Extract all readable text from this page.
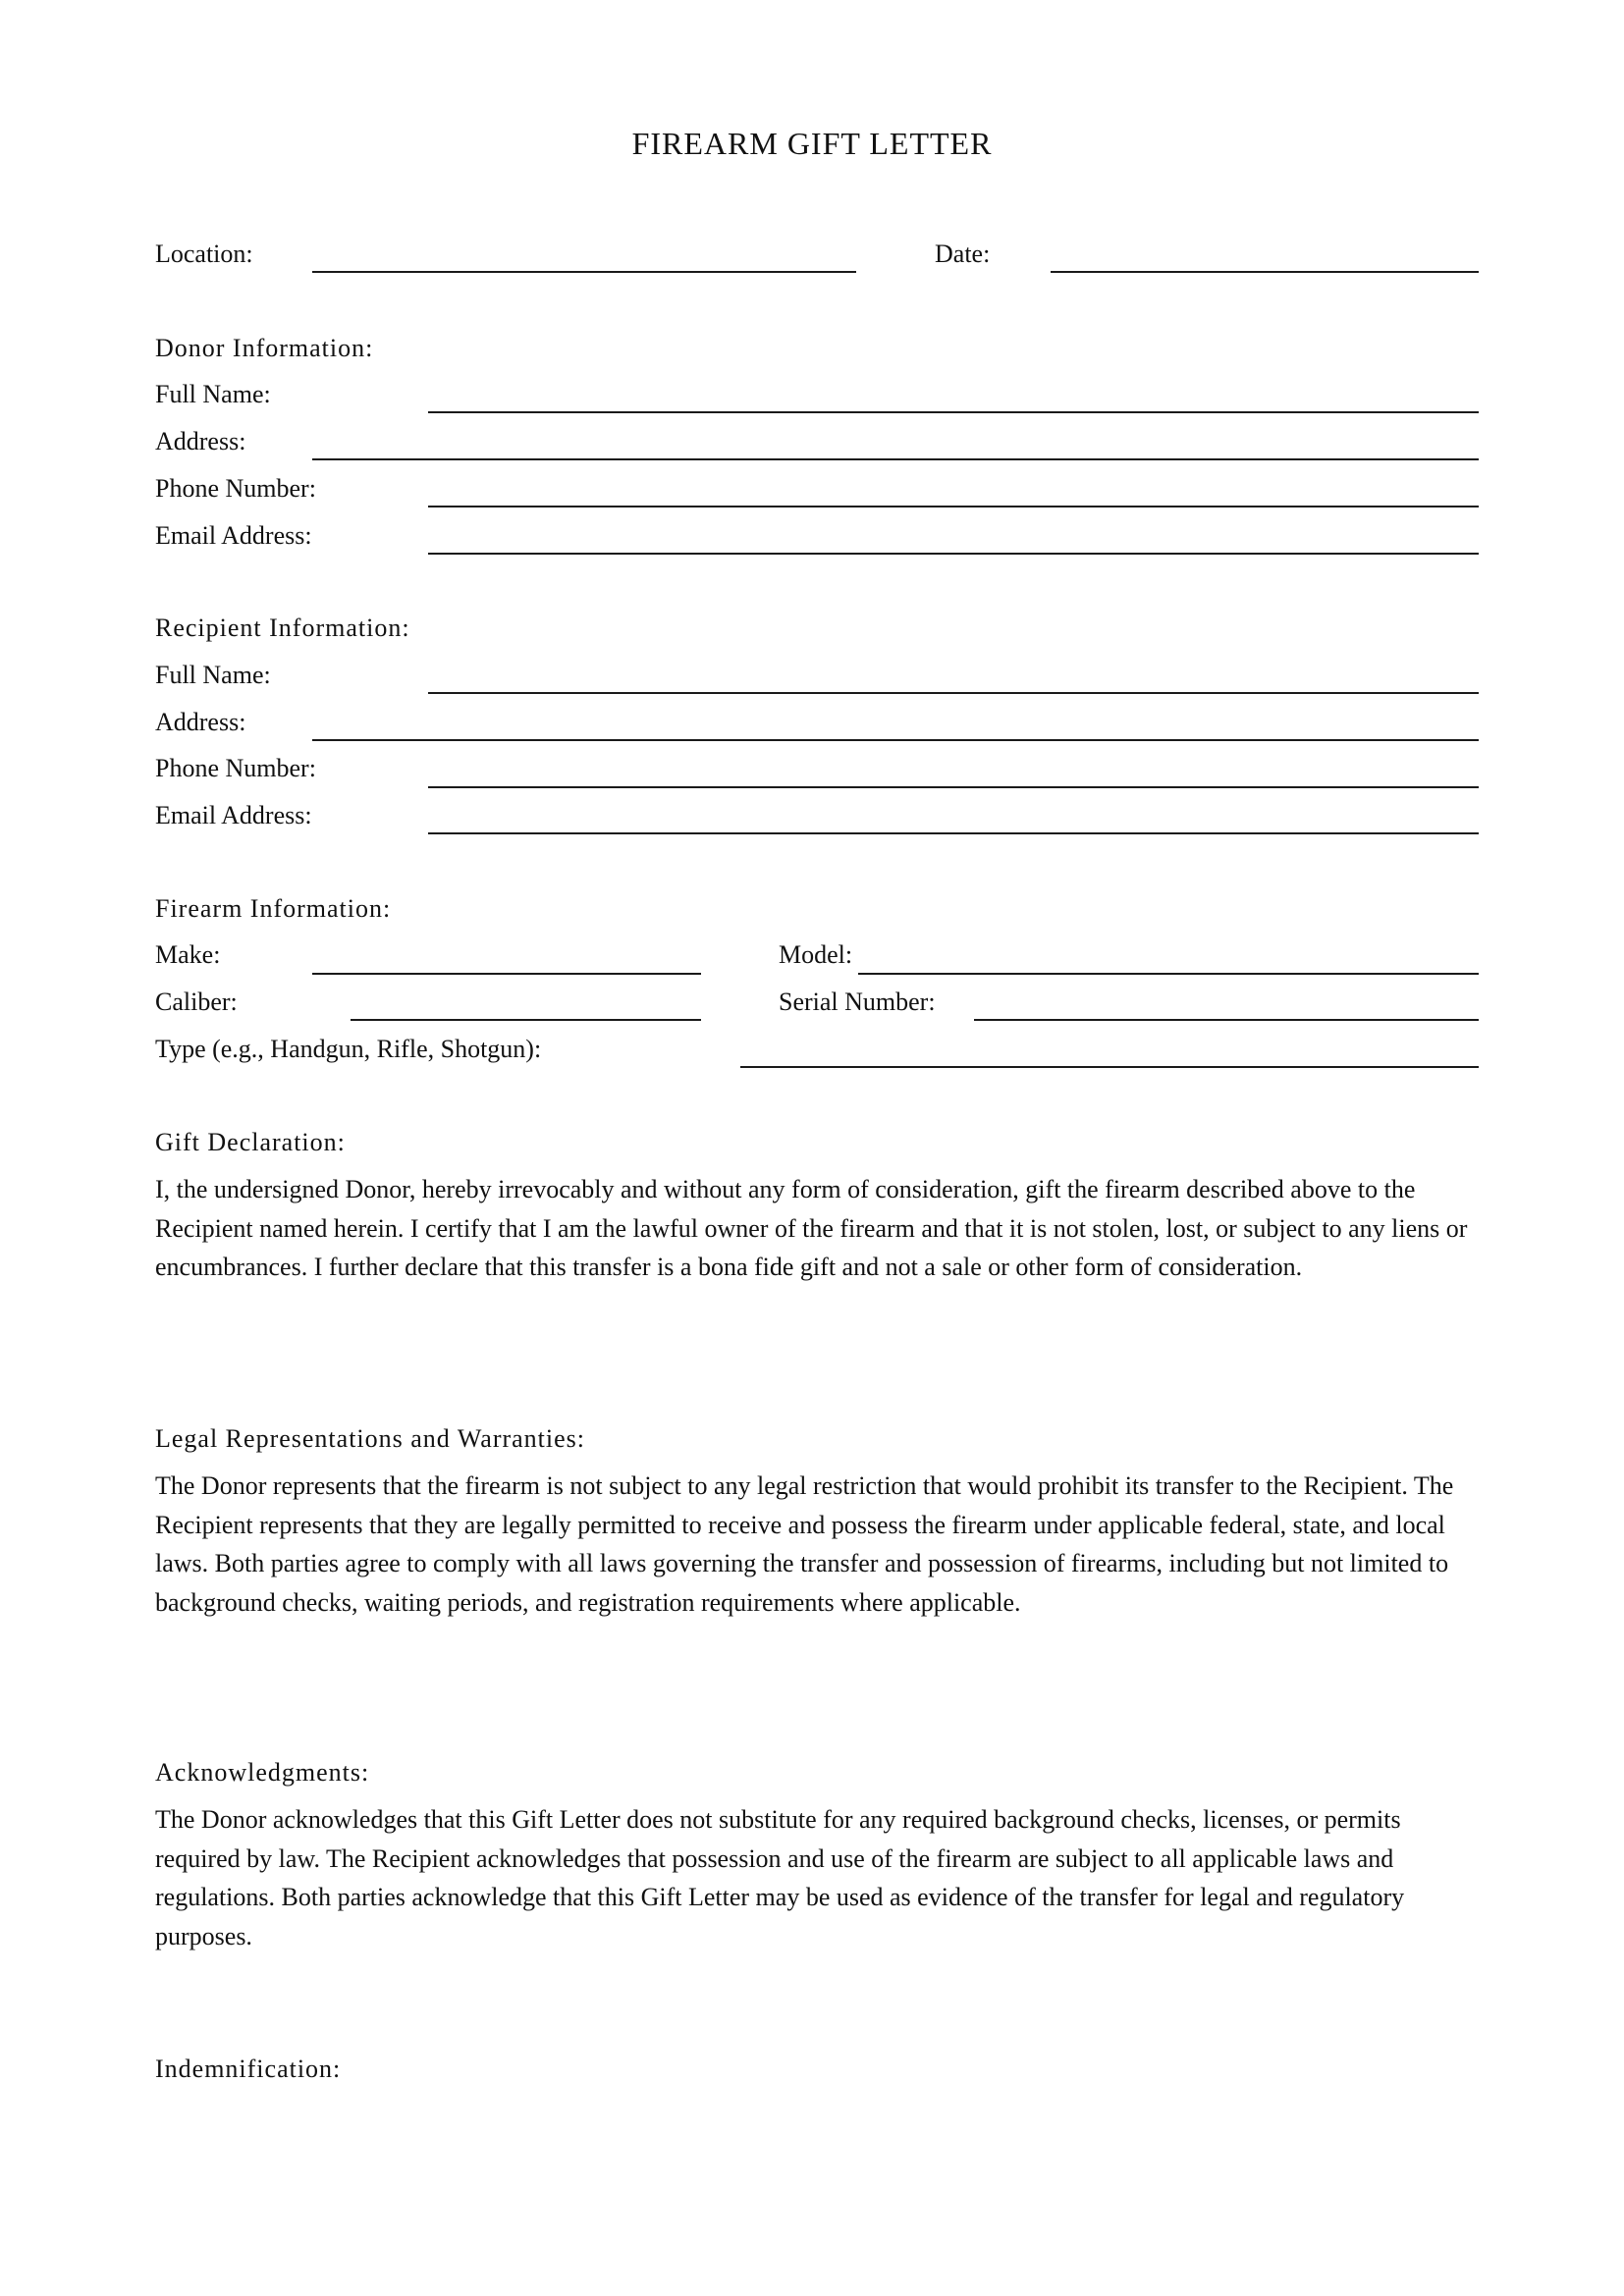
FIREARM GIFT LETTER
Location:	Date:
Donor Information:
Full Name:
Address:
Phone Number:
Email Address:
Recipient Information:
Full Name:
Address:
Phone Number:
Email Address:
Firearm Information:
Make:	Model:
Caliber:	Serial Number:
Type (e.g., Handgun, Rifle, Shotgun):
Gift Declaration:
I, the undersigned Donor, hereby irrevocably and without any form of consideration, gift the firearm described above to the Recipient named herein. I certify that I am the lawful owner of the firearm and that it is not stolen, lost, or subject to any liens or encumbrances. I further declare that this transfer is a bona fide gift and not a sale or other form of consideration.
Legal Representations and Warranties:
The Donor represents that the firearm is not subject to any legal restriction that would prohibit its transfer to the Recipient. The Recipient represents that they are legally permitted to receive and possess the firearm under applicable federal, state, and local laws. Both parties agree to comply with all laws governing the transfer and possession of firearms, including but not limited to background checks, waiting periods, and registration requirements where applicable.
Acknowledgments:
The Donor acknowledges that this Gift Letter does not substitute for any required background checks, licenses, or permits required by law. The Recipient acknowledges that possession and use of the firearm are subject to all applicable laws and regulations. Both parties acknowledge that this Gift Letter may be used as evidence of the transfer for legal and regulatory purposes.
Indemnification:
